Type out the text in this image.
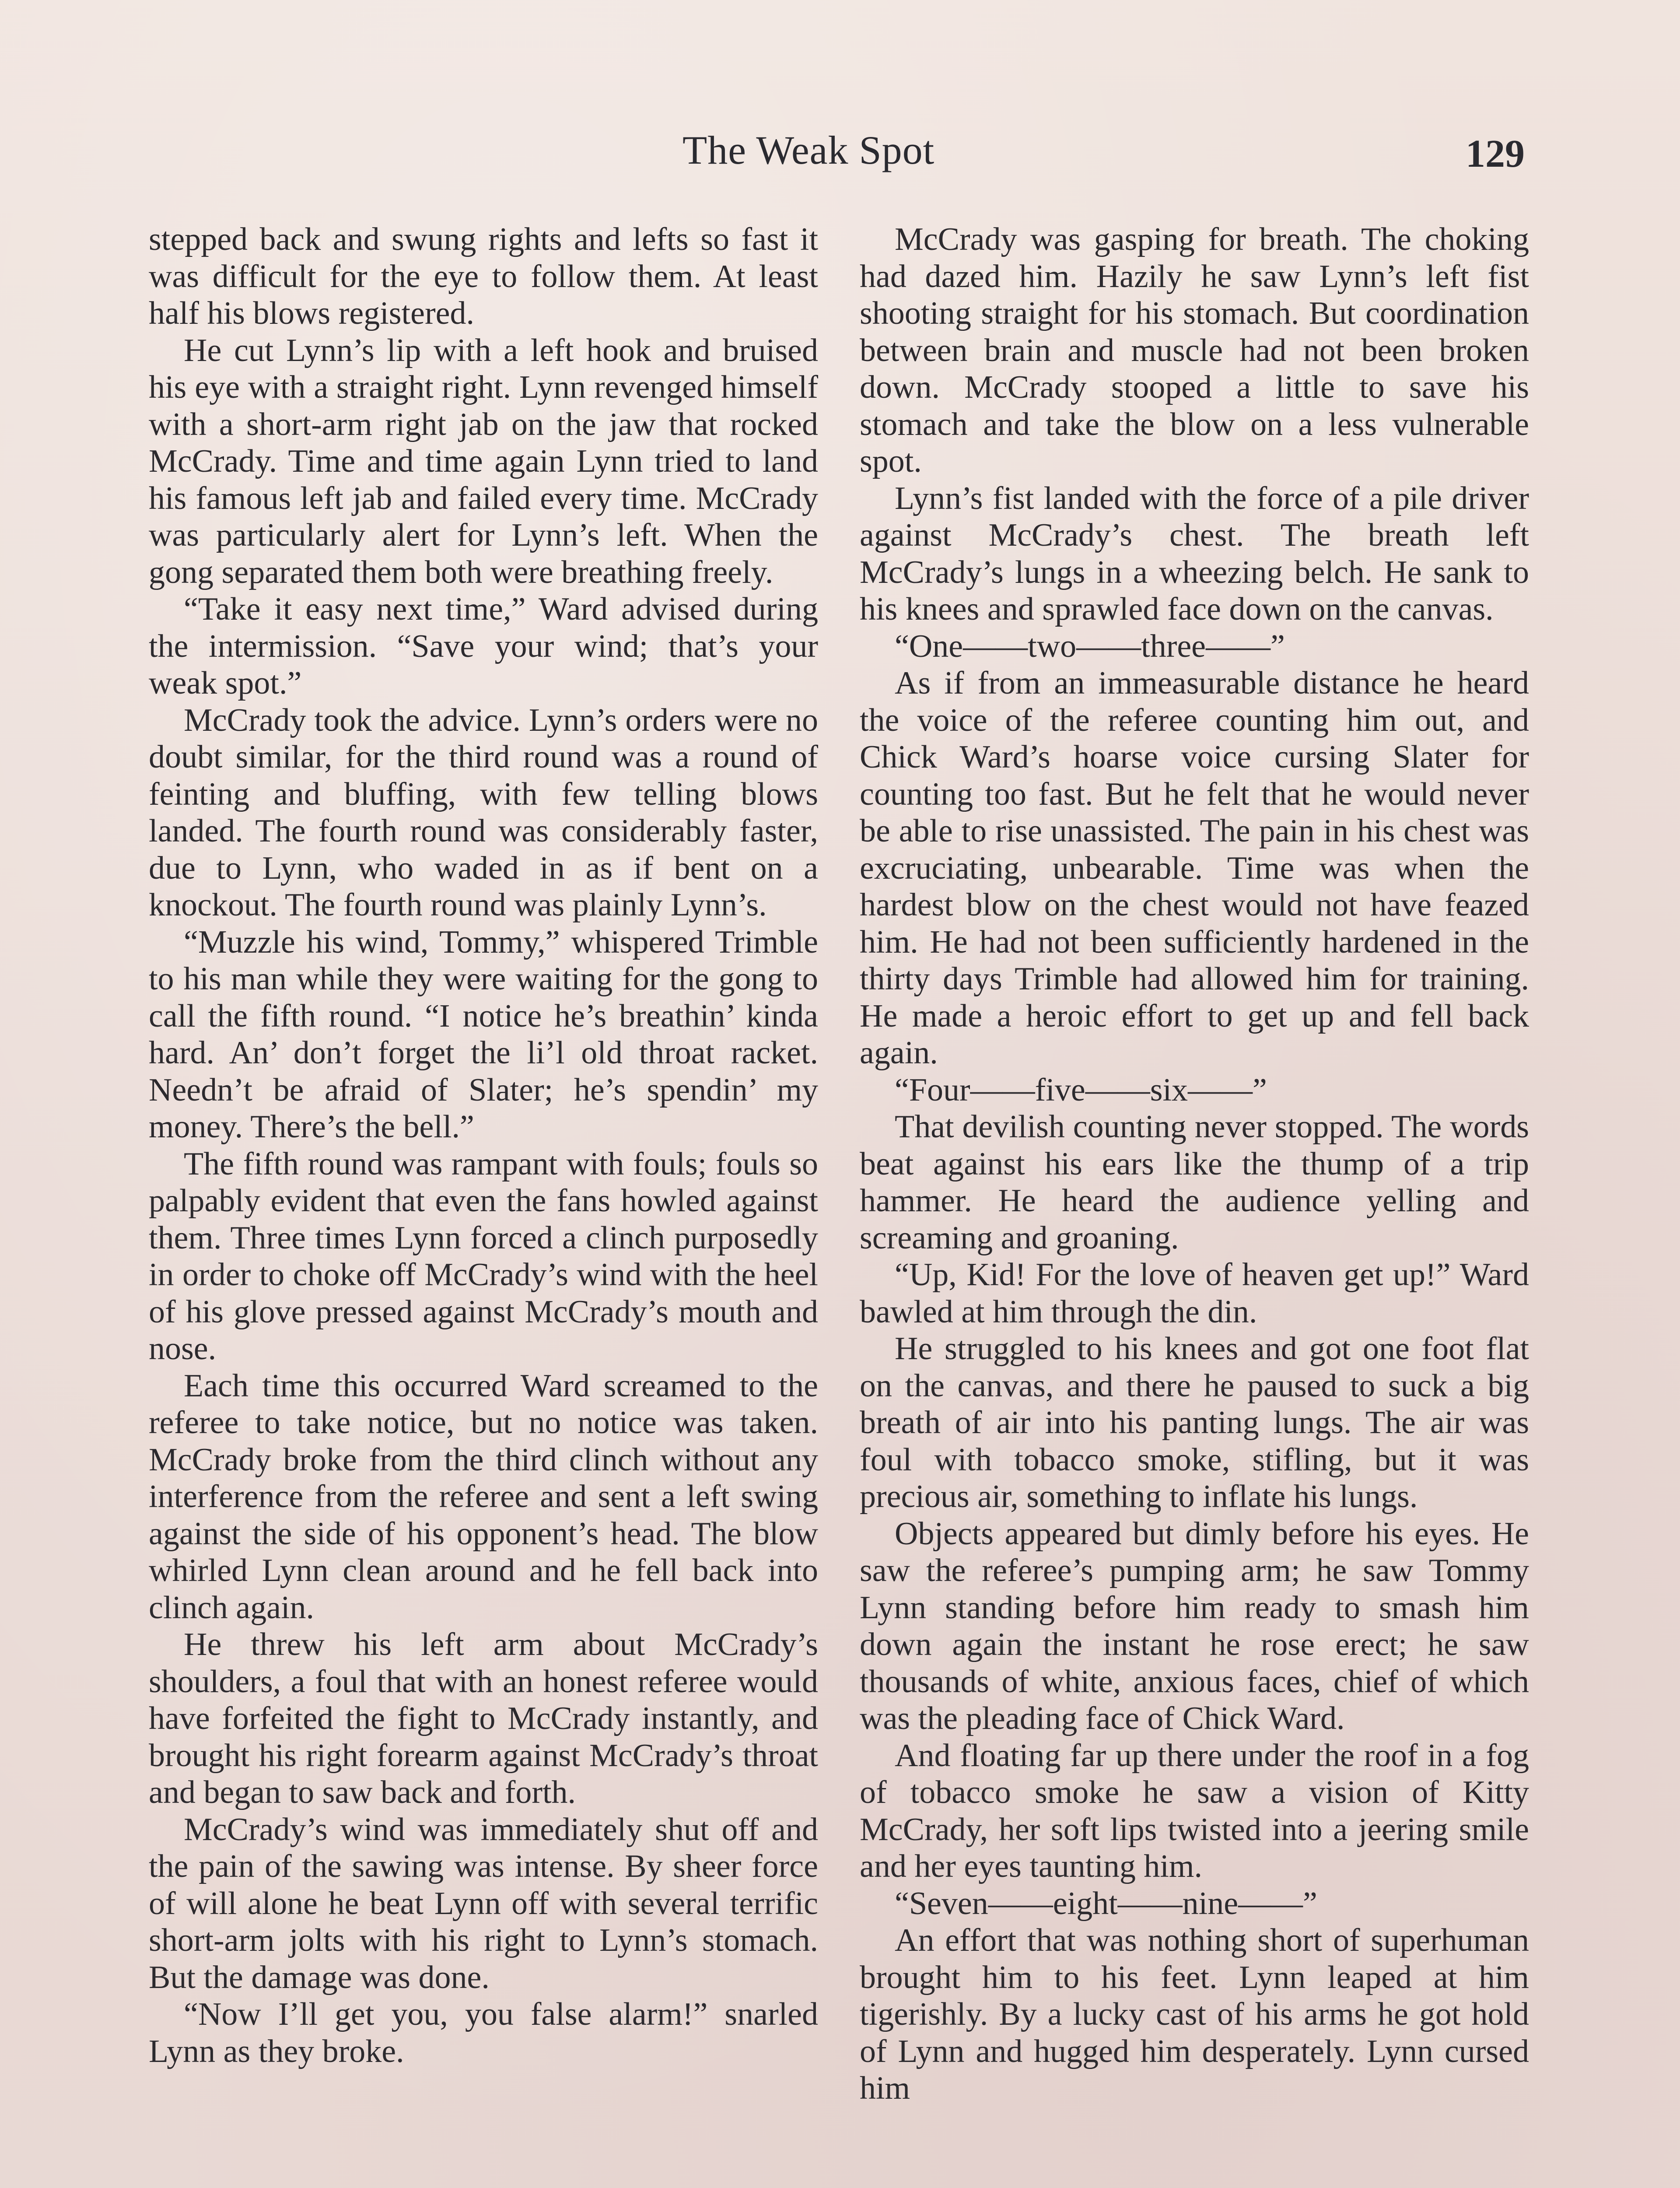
The Weak Spot	129

stepped back and swung rights and lefts so fast it was difficult for the eye to follow them. At least half his blows registered.

He cut Lynn’s lip with a left hook and bruised his eye with a straight right. Lynn revenged himself with a short-arm right jab on the jaw that rocked McCrady. Time and time again Lynn tried to land his famous left jab and failed every time. McCrady was particularly alert for Lynn’s left. When the gong separated them both were breathing freely.

“Take it easy next time,” Ward advised during the intermission. “Save your wind; that’s your weak spot.”

McCrady took the advice. Lynn’s orders were no doubt similar, for the third round was a round of feinting and bluffing, with few telling blows landed. The fourth round was considerably faster, due to Lynn, who waded in as if bent on a knockout. The fourth round was plainly Lynn’s.

“Muzzle his wind, Tommy,” whispered Trimble to his man while they were waiting for the gong to call the fifth round. “I notice he’s breathin’ kinda hard. An’ don’t forget the li’l old throat racket. Needn’t be afraid of Slater; he’s spendin’ my money. There’s the bell.”

The fifth round was rampant with fouls; fouls so palpably evident that even the fans howled against them. Three times Lynn forced a clinch purposedly in order to choke off McCrady’s wind with the heel of his glove pressed against McCrady’s mouth and nose.

Each time this occurred Ward screamed to the referee to take notice, but no notice was taken. McCrady broke from the third clinch without any interference from the referee and sent a left swing against the side of his opponent’s head. The blow whirled Lynn clean around and he fell back into clinch again.

He threw his left arm about McCrady’s shoulders, a foul that with an honest referee would have forfeited the fight to McCrady instantly, and brought his right forearm against McCrady’s throat and began to saw back and forth.

McCrady’s wind was immediately shut off and the pain of the sawing was intense. By sheer force of will alone he beat Lynn off with several terrific short-arm jolts with his right to Lynn’s stomach. But the damage was done.

“Now I’ll get you, you false alarm!” snarled Lynn as they broke.

McCrady was gasping for breath. The choking had dazed him. Hazily he saw Lynn’s left fist shooting straight for his stomach. But coordination between brain and muscle had not been broken down. McCrady stooped a little to save his stomach and take the blow on a less vulnerable spot.

Lynn’s fist landed with the force of a pile driver against McCrady’s chest. The breath left McCrady’s lungs in a wheezing belch. He sank to his knees and sprawled face down on the canvas.

“One——two——three——”

As if from an immeasurable distance he heard the voice of the referee counting him out, and Chick Ward’s hoarse voice cursing Slater for counting too fast. But he felt that he would never be able to rise unassisted. The pain in his chest was excruciating, unbearable. Time was when the hardest blow on the chest would not have feazed him. He had not been sufficiently hardened in the thirty days Trimble had allowed him for training. He made a heroic effort to get up and fell back again.

“Four——five——six——”

That devilish counting never stopped. The words beat against his ears like the thump of a trip hammer. He heard the audience yelling and screaming and groaning.

“Up, Kid! For the love of heaven get up!” Ward bawled at him through the din.

He struggled to his knees and got one foot flat on the canvas, and there he paused to suck a big breath of air into his panting lungs. The air was foul with tobacco smoke, stifling, but it was precious air, something to inflate his lungs.

Objects appeared but dimly before his eyes. He saw the referee’s pumping arm; he saw Tommy Lynn standing before him ready to smash him down again the instant he rose erect; he saw thousands of white, anxious faces, chief of which was the pleading face of Chick Ward.

And floating far up there under the roof in a fog of tobacco smoke he saw a vision of Kitty McCrady, her soft lips twisted into a jeering smile and her eyes taunting him.

“Seven——eight——nine——”

An effort that was nothing short of superhuman brought him to his feet. Lynn leaped at him tigerishly. By a lucky cast of his arms he got hold of Lynn and hugged him desperately. Lynn cursed him
